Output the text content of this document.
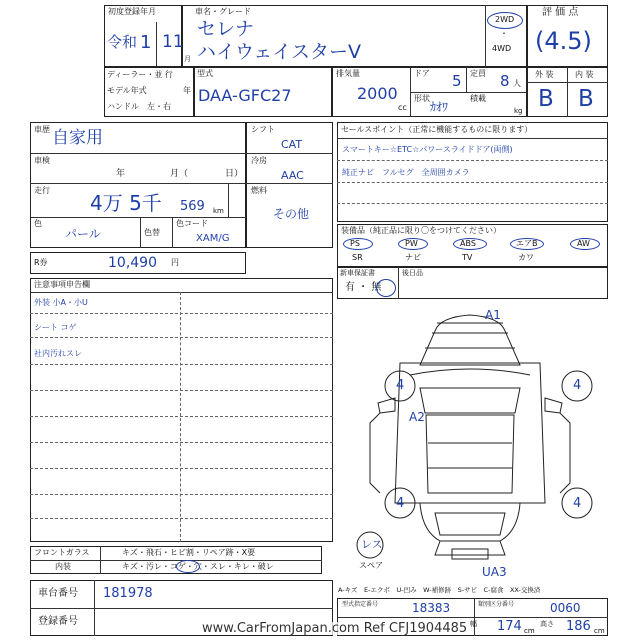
初度登録年月
令和 1 11
月
車名・グレード
セレナ
ハイウェイスターV
2WD
・
4WD
評 価 点
(4.5)
ディーラー・並 行
モデル年式	年
ハンドル　左・右
型式
DAA-GFC27
排気量
2000
cc
ドア 5 定員 8 人
形状
ｶｵﾜ
積載
kg
外 装	内 装
B B
車歴 自家用
車検
年	月（	日）
走行
4万 5千 569 km
色
パール	色替
色コード
XAM/G
シフト
CAT
冷房
AAC
燃料
その他
R券	10,490 円
セールスポイント（正常に機能するものに限ります）
スマートキー☆ETC☆パワースライドドア(両側)
純正ナビ　フルセグ　全周囲カメラ
装備品（純正品に限り〇をつけてください）
PS	PW	ABS	エアB	AW
SR	ナビ	TV	カワ
新車保証書
有 ・ 無
後日品
注意事項申告欄
外装 小A・小U
シート コゲ
社内汚れスレ
A1
A2
UA3
4	4
4	4
レス
スペア
フロントガラス	キズ・飛石・ヒビ割・リペア跡・X要
内装	キズ・汚レ・コゲ・穴・スレ・キレ・破レ
車台番号 181978
登録番号
A-キズ　E-エクボ　U-凹み　W-補修跡　S-サビ　C-腐食　XX-交換済
型式指定番号	18383	類別区分番号	0060
幅 174 cm
高さ 186 cm
www.CarFromJapan.com Ref CFJ1904485
